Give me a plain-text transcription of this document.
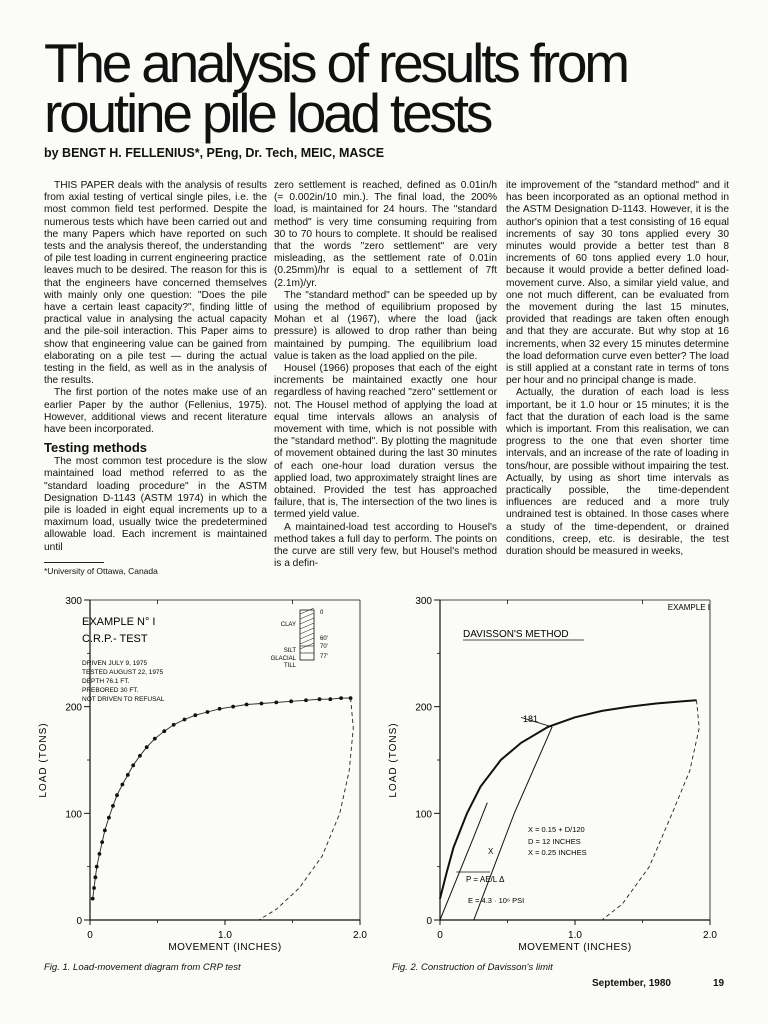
The analysis of results from
routine pile load tests
by BENGT H. FELLENIUS*, PEng, Dr. Tech, MEIC, MASCE

THIS PAPER deals with the analysis of results from axial testing of vertical single piles, i.e. the most common field test performed. Despite the numerous tests which have been carried out and the many Papers which have reported on such tests and the analysis thereof, the understanding of pile test loading in current engineering practice leaves much to be desired. The reason for this is that the engineers have concerned themselves with mainly only one question: "Does the pile have a certain least capacity?", finding little of practical value in analysing the actual capacity and the pile-soil interaction. This Paper aims to show that engineering value can be gained from elaborating on a pile test — during the actual testing in the field, as well as in the analysis of the results.

The first portion of the notes make use of an earlier Paper by the author (Fellenius, 1975). However, additional views and recent literature have been incorporated.

Testing methods

The most common test procedure is the slow maintained load method referred to as the "standard loading procedure" in the ASTM Designation D-1143 (ASTM 1974) in which the pile is loaded in eight equal increments up to a maximum load, usually twice the predetermined allowable load. Each increment is maintained until

zero settlement is reached, defined as 0.01in/h (= 0.002in/10 min.). The final load, the 200% load, is maintained for 24 hours. The "standard method" is very time consuming requiring from 30 to 70 hours to complete. It should be realised that the words "zero settlement" are very misleading, as the settlement rate of 0.01in (0.25mm)/hr is equal to a settlement of 7ft (2.1m)/yr.

The "standard method" can be speeded up by using the method of equilibrium proposed by Mohan et al (1967), where the load (jack pressure) is allowed to drop rather than being maintained by pumping. The equilibrium load value is taken as the load applied on the pile.

Housel (1966) proposes that each of the eight increments be maintained exactly one hour regardless of having reached "zero" settlement or not. The Housel method of applying the load at equal time intervals allows an analysis of movement with time, which is not possible with the "standard method". By plotting the magnitude of movement obtained during the last 30 minutes of each one-hour load duration versus the applied load, two approximately straight lines are obtained. Provided the test has approached failure, that is, The intersection of the two lines is termed yield value.

A maintained-load test according to Housel's method takes a full day to perform. The points on the curve are still very few, but Housel's method is a defin-

ite improvement of the "standard method" and it has been incorporated as an optional method in the ASTM Designation D-1143. However, it is the author's opinion that a test consisting of 16 equal increments of say 30 tons applied every 30 minutes would provide a better test than 8 increments of 60 tons applied every 1.0 hour, because it would provide a better defined load-movement curve. Also, a similar yield value, and one not much different, can be evaluated from the movement during the last 15 minutes, provided that readings are taken often enough and that they are accurate. But why stop at 16 increments, when 32 every 15 minutes determine the load deformation curve even better? The load is still applied at a constant rate in terms of tons per hour and no principal change is made.

Actually, the duration of each load is less important, be it 1.0 hour or 15 minutes; it is the fact that the duration of each load is the same which is important. From this realisation, we can progress to the one that even shorter time intervals, and an increase of the rate of loading in tons/hour, are possible without impairing the test. Actually, by using as short time intervals as practically possible, the time-dependent influences are reduced and a more truly undrained test is obtained. In those cases where a study of the time-dependent, or drained conditions, creep, etc. is desirable, the test duration should be measured in weeks,

*University of Ottawa, Canada
0
100
200
300
0	1.0	2.0
LOAD (TONS)
MOVEMENT (INCHES)
EXAMPLE N° I
C.R.P.- TEST
DRIVEN JULY 9, 1975
TESTED AUGUST 22, 1975
DEPTH 76.1 FT.
PREBORED 30 FT.
NOT DRIVEN TO REFUSAL
CLAY
SILT
GLACIAL
TILL
0
60'
70'
77'
0
100
200
300
0	1.0	2.0
LOAD (TONS)
MOVEMENT (INCHES)
EXAMPLE I
DAVISSON'S METHOD
181
X = 0.15 + D/120
D = 12 INCHES
X = 0.25 INCHES
X
P = AE/L Δ
E = 4.3 · 10⁶ PSI
Fig. 1. Load-movement diagram from CRP test	Fig. 2. Construction of Davisson's limit
September, 1980	19
